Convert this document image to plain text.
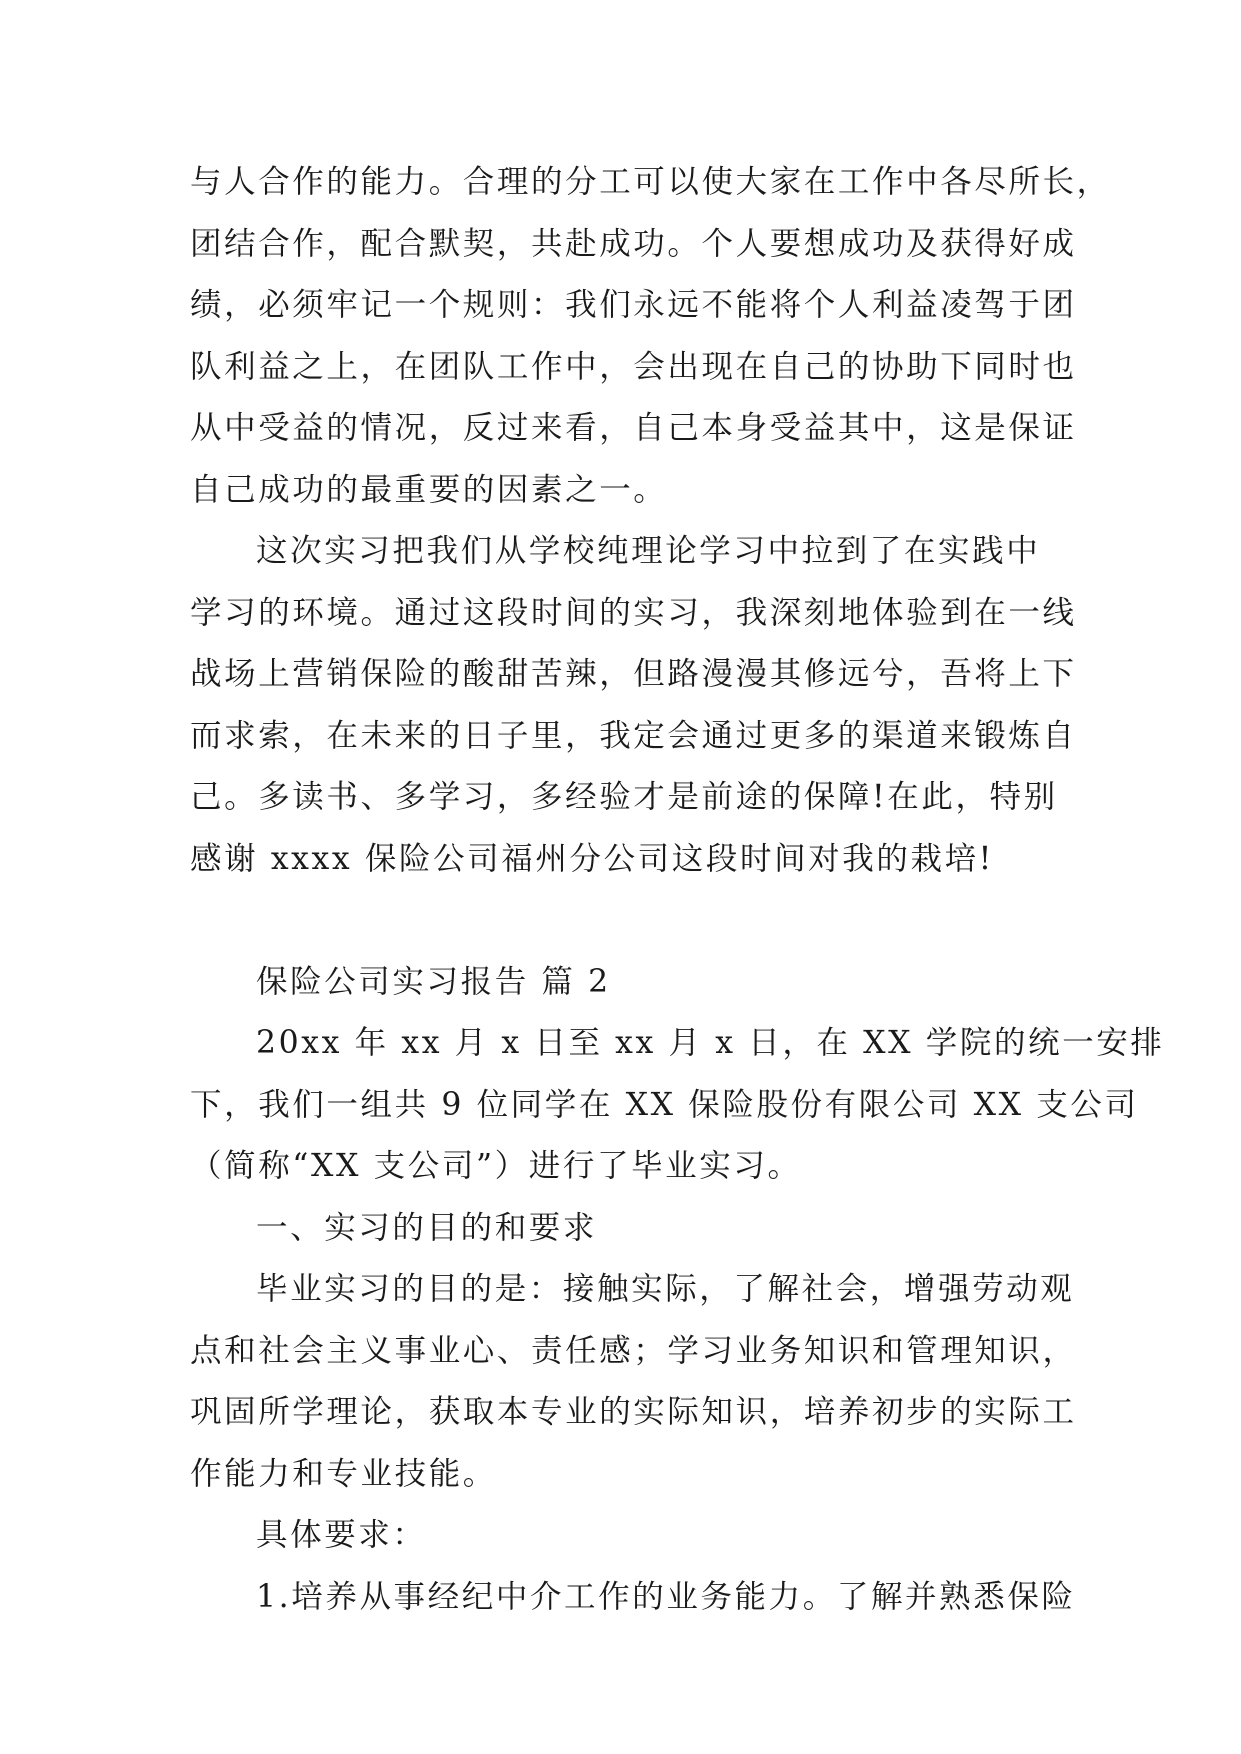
与人合作的能力。合理的分工可以使大家在工作中各尽所长，
团结合作，配合默契，共赴成功。个人要想成功及获得好成
绩，必须牢记一个规则：我们永远不能将个人利益凌驾于团
队利益之上，在团队工作中，会出现在自己的协助下同时也
从中受益的情况，反过来看，自己本身受益其中，这是保证
自己成功的最重要的因素之一。
这次实习把我们从学校纯理论学习中拉到了在实践中
学习的环境。通过这段时间的实习，我深刻地体验到在一线
战场上营销保险的酸甜苦辣，但路漫漫其修远兮，吾将上下
而求索，在未来的日子里，我定会通过更多的渠道来锻炼自
己。多读书、多学习，多经验才是前途的保障!在此，特别
感谢 xxxx 保险公司福州分公司这段时间对我的栽培!
保险公司实习报告 篇 2
20xx 年 xx 月 x 日至 xx 月 x 日，在 XX 学院的统一安排
下，我们一组共 9 位同学在 XX 保险股份有限公司 XX 支公司
（简称“XX 支公司”）进行了毕业实习。
一、实习的目的和要求
毕业实习的目的是：接触实际，了解社会，增强劳动观
点和社会主义事业心、责任感；学习业务知识和管理知识，
巩固所学理论，获取本专业的实际知识，培养初步的实际工
作能力和专业技能。
具体要求：
1.培养从事经纪中介工作的业务能力。了解并熟悉保险
